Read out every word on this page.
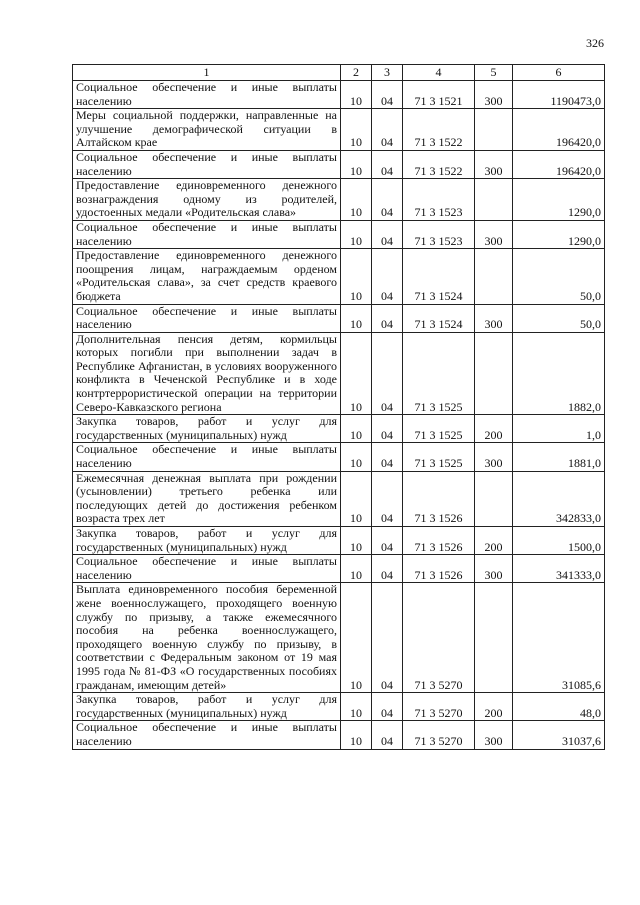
326
1	2	3	4	5	6
Социальное обеспечение и иные выплаты населению	10	04	71 3 1521	300	1190473,0
Меры социальной поддержки, направленные на улучшение демографической ситуации в Алтайском крае	10	04	71 3 1522		196420,0
Социальное обеспечение и иные выплаты населению	10	04	71 3 1522	300	196420,0
Предоставление единовременного денежного вознаграждения одному из родителей, удостоенных медали «Родительская слава»	10	04	71 3 1523		1290,0
Социальное обеспечение и иные выплаты населению	10	04	71 3 1523	300	1290,0
Предоставление единовременного денежного поощрения лицам, награждаемым орденом «Родительская слава», за счет средств краевого бюджета	10	04	71 3 1524		50,0
Социальное обеспечение и иные выплаты населению	10	04	71 3 1524	300	50,0
Дополнительная пенсия детям, кормильцы которых погибли при выполнении задач в Республике Афганистан, в условиях вооруженного конфликта в Чеченской Республике и в ходе контртеррористической операции на территории Северо-Кавказского региона	10	04	71 3 1525		1882,0
Закупка товаров, работ и услуг для государственных (муниципальных) нужд	10	04	71 3 1525	200	1,0
Социальное обеспечение и иные выплаты населению	10	04	71 3 1525	300	1881,0
Ежемесячная денежная выплата при рождении (усыновлении) третьего ребенка или последующих детей до достижения ребенком возраста трех лет	10	04	71 3 1526		342833,0
Закупка товаров, работ и услуг для государственных (муниципальных) нужд	10	04	71 3 1526	200	1500,0
Социальное обеспечение и иные выплаты населению	10	04	71 3 1526	300	341333,0
Выплата единовременного пособия беременной жене военнослужащего, проходящего военную службу по призыву, а также ежемесячного пособия на ребенка военнослужащего, проходящего военную службу по призыву, в соответствии с Федеральным законом от 19 мая 1995 года № 81-ФЗ «О государственных пособиях гражданам, имеющим детей»	10	04	71 3 5270		31085,6
Закупка товаров, работ и услуг для государственных (муниципальных) нужд	10	04	71 3 5270	200	48,0
Социальное обеспечение и иные выплаты населению	10	04	71 3 5270	300	31037,6
